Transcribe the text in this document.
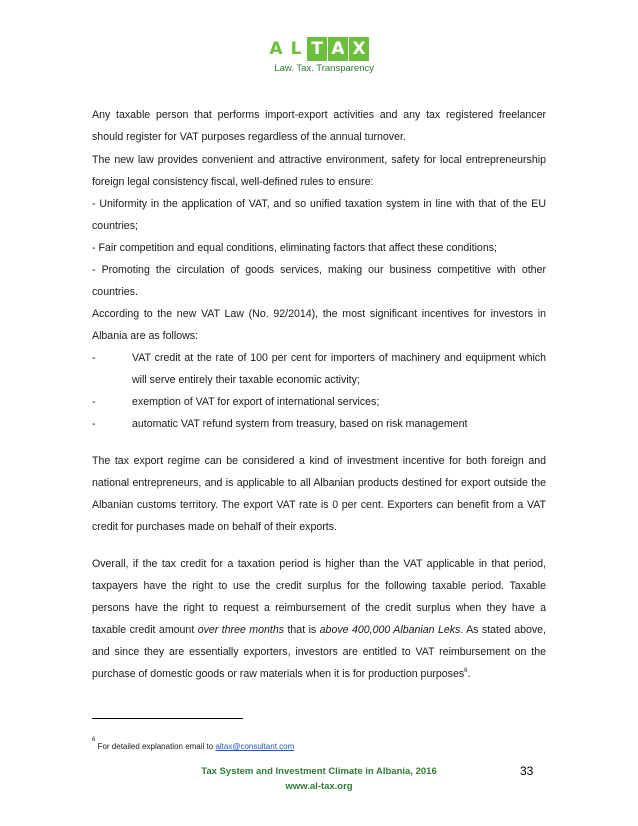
A L T A X
Law. Tax. Transparency
Any taxable person that performs import-export activities and any tax registered freelancer
should register for VAT purposes regardless of the annual turnover.
The new law provides convenient and attractive environment, safety for local entrepreneurship
foreign legal consistency fiscal, well-defined rules to ensure:
- Uniformity in the application of VAT, and so unified taxation system in line with that of the EU
countries;
- Fair competition and equal conditions, eliminating factors that affect these conditions;
- Promoting the circulation of goods services, making our business competitive with other
countries.
According to the new VAT Law (No. 92/2014), the most significant incentives for investors in
Albania are as follows:
-	VAT credit at the rate of 100 per cent for importers of machinery and equipment which
will serve entirely their taxable economic activity;
-	exemption of VAT for export of international services;
-	automatic VAT refund system from treasury, based on risk management
The tax export regime can be considered a kind of investment incentive for both foreign and
national entrepreneurs, and is applicable to all Albanian products destined for export outside the
Albanian customs territory. The export VAT rate is 0 per cent. Exporters can benefit from a VAT
credit for purchases made on behalf of their exports.
Overall, if the tax credit for a taxation period is higher than the VAT applicable in that period,
taxpayers have the right to use the credit surplus for the following taxable period. Taxable
persons have the right to request a reimbursement of the credit surplus when they have a
taxable credit amount over three months that is above 400,000 Albanian Leks. As stated above,
and since they are essentially exporters, investors are entitled to VAT reimbursement on the
purchase of domestic goods or raw materials when it is for production purposes$^6$.
$^6$ For detailed explanation email to altax@consultant.com
Tax System and Investment Climate in Albania, 2016
www.al-tax.org
33
